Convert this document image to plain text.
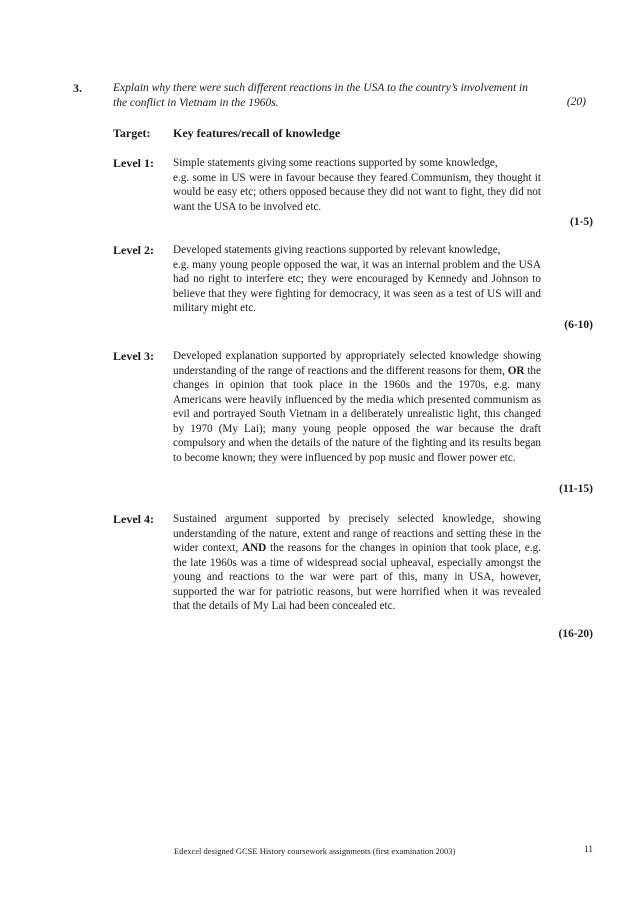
3.	Explain why there were such different reactions in the USA to the country’s involvement in the conflict in Vietnam in the 1960s.	(20)
Target: Key features/recall of knowledge
Level 1: Simple statements giving some reactions supported by some knowledge,
e.g. some in US were in favour because they feared Communism, they thought it would be easy etc; others opposed because they did not want to fight, they did not want the USA to be involved etc.
(1-5)
Level 2: Developed statements giving reactions supported by relevant knowledge,
e.g. many young people opposed the war, it was an internal problem and the USA had no right to interfere etc; they were encouraged by Kennedy and Johnson to believe that they were fighting for democracy, it was seen as a test of US will and military might etc.
(6-10)
Level 3: Developed explanation supported by appropriately selected knowledge showing understanding of the range of reactions and the different reasons for them, OR the changes in opinion that took place in the 1960s and the 1970s, e.g. many Americans were heavily influenced by the media which presented communism as evil and portrayed South Vietnam in a deliberately unrealistic light, this changed by 1970 (My Lai); many young people opposed the war because the draft compulsory and when the details of the nature of the fighting and its results began to become known; they were influenced by pop music and flower power etc.
(11-15)
Level 4: Sustained argument supported by precisely selected knowledge, showing understanding of the nature, extent and range of reactions and setting these in the wider context, AND the reasons for the changes in opinion that took place, e.g. the late 1960s was a time of widespread social upheaval, especially amongst the young and reactions to the war were part of this, many in USA, however, supported the war for patriotic reasons, but were horrified when it was revealed that the details of My Lai had been concealed etc.
(16-20)
Edexcel designed GCSE History coursework assignments (first examination 2003)	11
